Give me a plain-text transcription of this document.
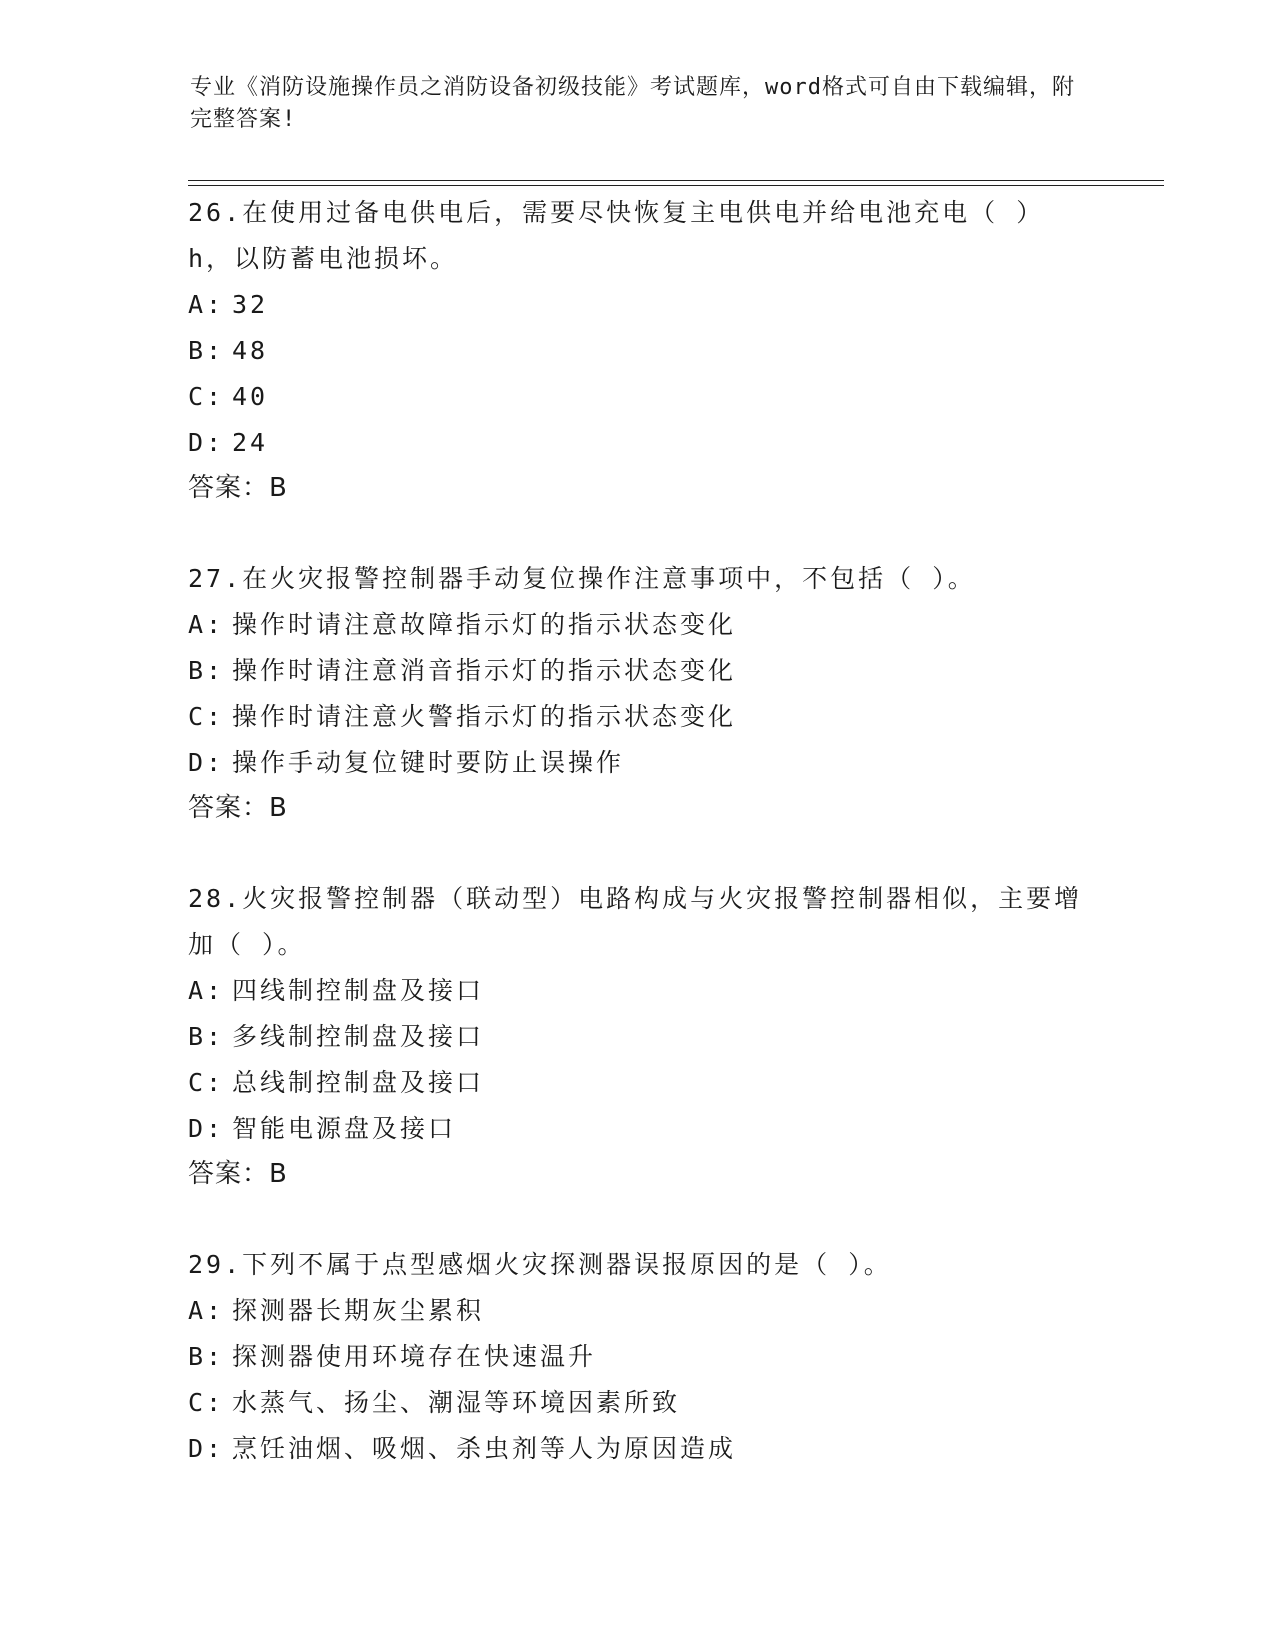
专业《消防设施操作员之消防设备初级技能》考试题库，word格式可自由下载编辑，附完整答案!

26.在使用过备电供电后，需要尽快恢复主电供电并给电池充电（ ）h，以防蓄电池损坏。

A: 32
B: 48
C: 40
D: 24
答案：B

27.在火灾报警控制器手动复位操作注意事项中，不包括（ ）。

A: 操作时请注意故障指示灯的指示状态变化
B: 操作时请注意消音指示灯的指示状态变化
C: 操作时请注意火警指示灯的指示状态变化
D: 操作手动复位键时要防止误操作
答案：B

28.火灾报警控制器（联动型）电路构成与火灾报警控制器相似，主要增加（ ）。

A: 四线制控制盘及接口
B: 多线制控制盘及接口
C: 总线制控制盘及接口
D: 智能电源盘及接口
答案：B

29.下列不属于点型感烟火灾探测器误报原因的是（ ）。

A: 探测器长期灰尘累积
B: 探测器使用环境存在快速温升
C: 水蒸气、扬尘、潮湿等环境因素所致
D: 烹饪油烟、吸烟、杀虫剂等人为原因造成
